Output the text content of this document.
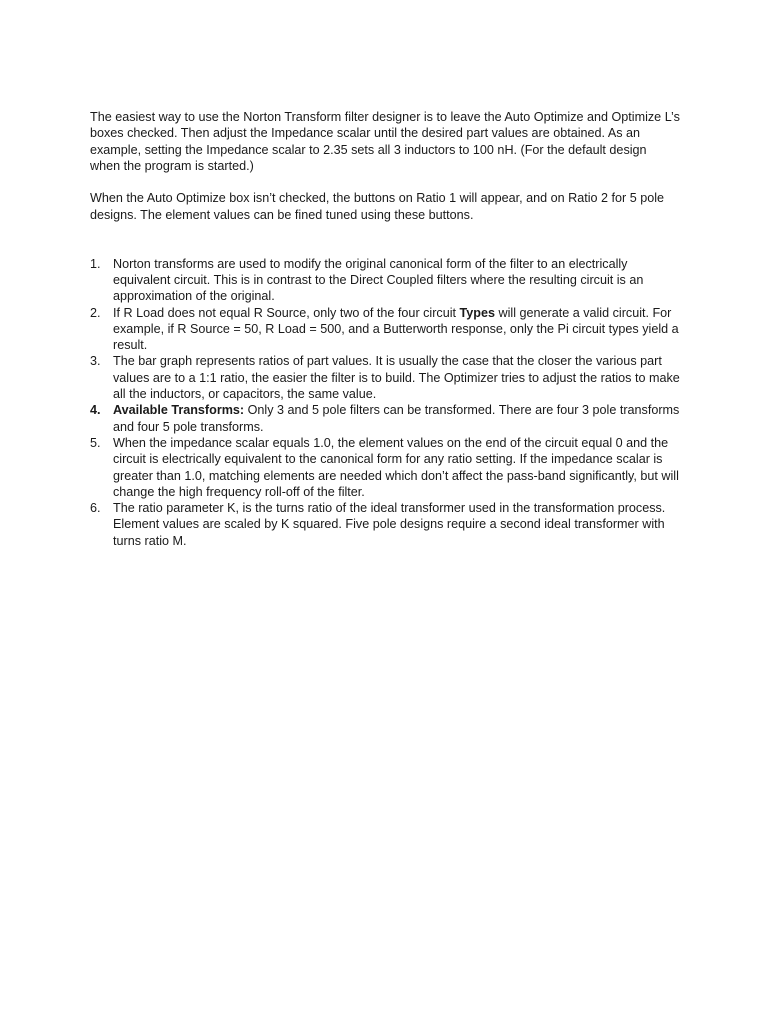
The easiest way to use the Norton Transform filter designer is to leave the Auto Optimize and Optimize L’s boxes checked. Then adjust the Impedance scalar until the desired part values are obtained. As an example, setting the Impedance scalar to 2.35 sets all 3 inductors to 100 nH. (For the default design when the program is started.)

When the Auto Optimize box isn’t checked, the buttons on Ratio 1 will appear, and on Ratio 2 for 5 pole designs. The element values can be fined tuned using these buttons.

1. Norton transforms are used to modify the original canonical form of the filter to an electrically equivalent circuit. This is in contrast to the Direct Coupled filters where the resulting circuit is an approximation of the original.
2. If R Load does not equal R Source, only two of the four circuit Types will generate a valid circuit. For example, if R Source = 50, R Load = 500, and a Butterworth response, only the Pi circuit types yield a result.
3. The bar graph represents ratios of part values. It is usually the case that the closer the various part values are to a 1:1 ratio, the easier the filter is to build. The Optimizer tries to adjust the ratios to make all the inductors, or capacitors, the same value.
4. Available Transforms: Only 3 and 5 pole filters can be transformed. There are four 3 pole transforms and four 5 pole transforms.
5. When the impedance scalar equals 1.0, the element values on the end of the circuit equal 0 and the circuit is electrically equivalent to the canonical form for any ratio setting. If the impedance scalar is greater than 1.0, matching elements are needed which don’t affect the pass-band significantly, but will change the high frequency roll-off of the filter.
6. The ratio parameter K, is the turns ratio of the ideal transformer used in the transformation process. Element values are scaled by K squared. Five pole designs require a second ideal transformer with turns ratio M.
